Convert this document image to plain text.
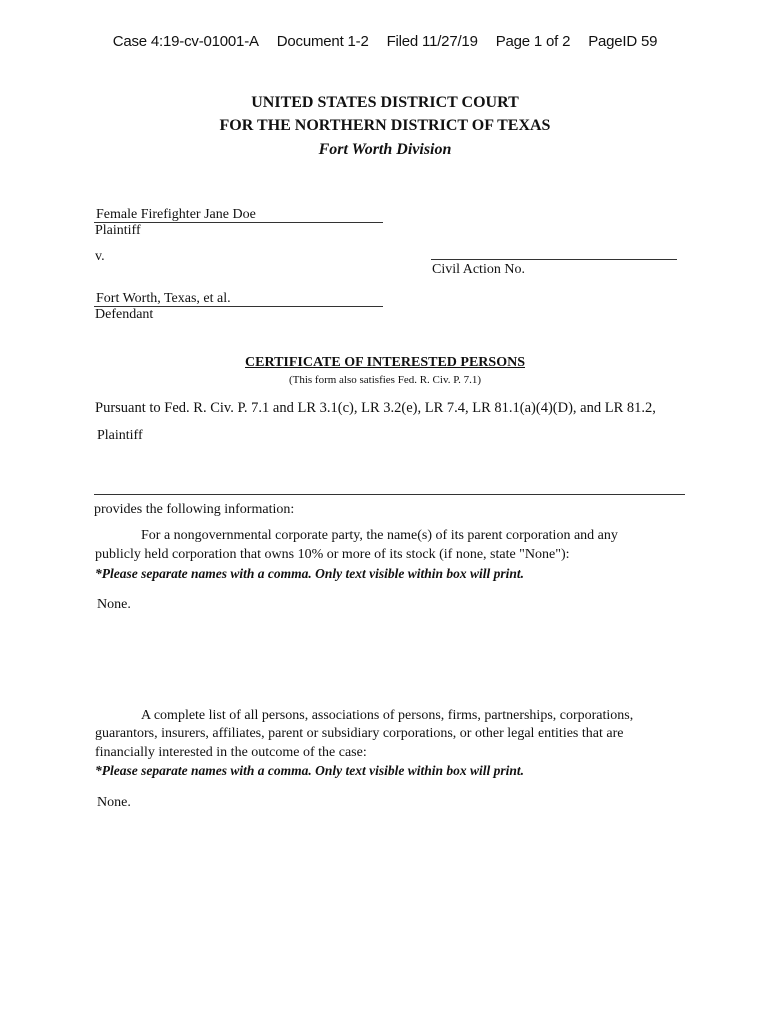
Case 4:19-cv-01001-A Document 1-2 Filed 11/27/19 Page 1 of 2 PageID 59
UNITED STATES DISTRICT COURT
FOR THE NORTHERN DISTRICT OF TEXAS
Fort Worth Division
Female Firefighter Jane Doe
Plaintiff
v.
Civil Action No.
Fort Worth, Texas, et al.
Defendant
CERTIFICATE OF INTERESTED PERSONS
(This form also satisfies Fed. R. Civ. P. 7.1)
Pursuant to Fed. R. Civ. P. 7.1 and LR 3.1(c), LR 3.2(e), LR 7.4, LR 81.1(a)(4)(D), and LR 81.2,
Plaintiff
provides the following information:
For a nongovernmental corporate party, the name(s) of its parent corporation and any
publicly held corporation that owns 10% or more of its stock (if none, state "None"):
*Please separate names with a comma. Only text visible within box will print.
None.
A complete list of all persons, associations of persons, firms, partnerships, corporations,
guarantors, insurers, affiliates, parent or subsidiary corporations, or other legal entities that are
financially interested in the outcome of the case:
*Please separate names with a comma. Only text visible within box will print.
None.
